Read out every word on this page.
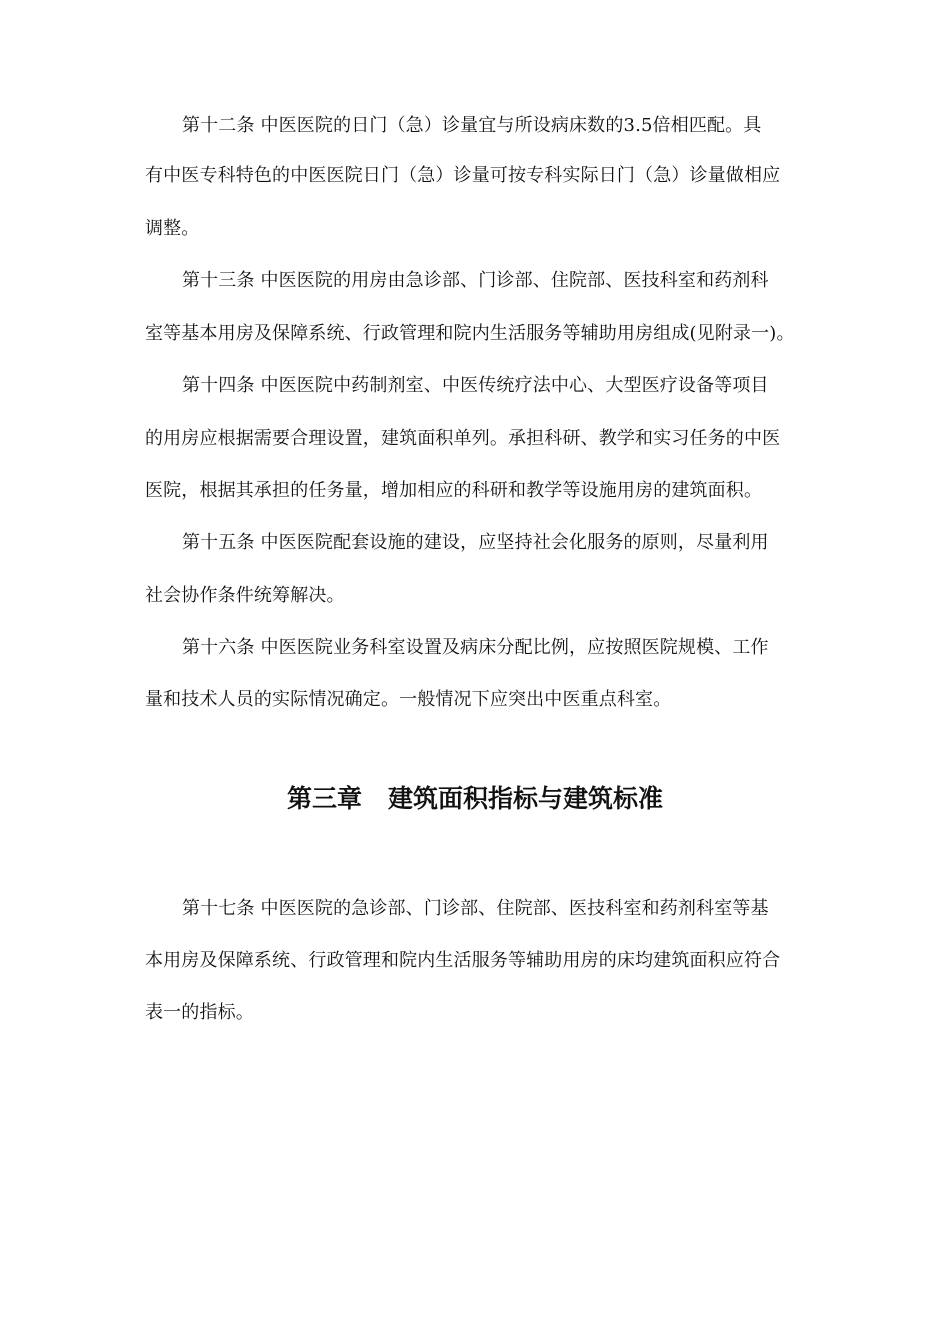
第十二条 中医医院的日门（急）诊量宜与所设病床数的3.5倍相匹配。具
有中医专科特色的中医医院日门（急）诊量可按专科实际日门（急）诊量做相应
调整。
第十三条 中医医院的用房由急诊部、门诊部、住院部、医技科室和药剂科
室等基本用房及保障系统、行政管理和院内生活服务等辅助用房组成(见附录一)。
第十四条 中医医院中药制剂室、中医传统疗法中心、大型医疗设备等项目
的用房应根据需要合理设置，建筑面积单列。承担科研、教学和实习任务的中医
医院，根据其承担的任务量，增加相应的科研和教学等设施用房的建筑面积。
第十五条 中医医院配套设施的建设，应坚持社会化服务的原则，尽量利用
社会协作条件统筹解决。
第十六条 中医医院业务科室设置及病床分配比例，应按照医院规模、工作
量和技术人员的实际情况确定。一般情况下应突出中医重点科室。
第三章 建筑面积指标与建筑标准
第十七条 中医医院的急诊部、门诊部、住院部、医技科室和药剂科室等基
本用房及保障系统、行政管理和院内生活服务等辅助用房的床均建筑面积应符合
表一的指标。
